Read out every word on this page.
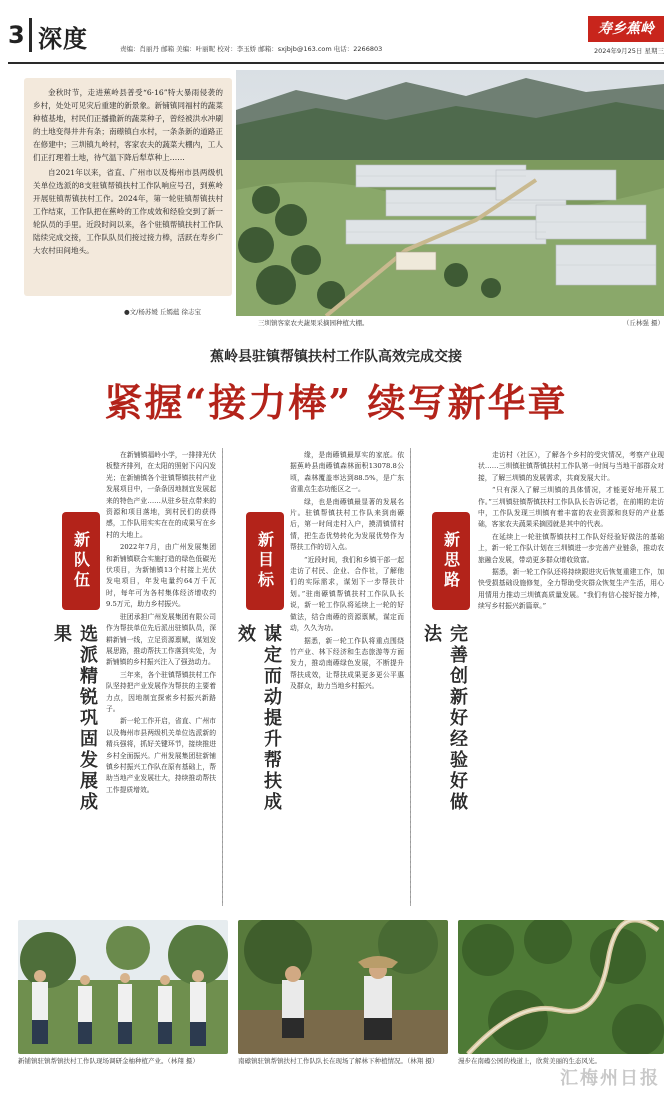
3 深度	责编：肖丽丹 邮箱 美编：叶丽昵 校对：李玉娇 邮箱：sxjbjb@163.com 电话：2266803
寿乡蕉岭
2024年9月25日 星期三

金秋时节，走进蕉岭县普受“6·16”特大暴雨侵袭的乡村，处处可见灾后重建的新景象。新铺镇同福村的蔬菜种植基地，村民们正播撒新的蔬菜种子，曾经被洪水冲刷的土地变得井井有条；南礤镇白水村，一条条新的道路正在修建中；三圳镇九岭村，客家农夫的蔬菜大棚内，工人们正打理着土地，待气温下降后犁草种上……

自2021年以来，省直、广州市以及梅州市县两级机关单位选派的8支驻镇帮镇扶村工作队响应号召，到蕉岭开展驻镇帮镇扶村工作。2024年，第一轮驻镇帮镇扶村工作结束，工作队把在蕉岭的工作成效和经验交到了新一轮队员的手里。近段时间以来，各个驻镇帮镇扶村工作队陆续完成交接，工作队队员们接过接力棒，活跃在寿乡广大农村田间地头。

●文/杨苏媛 丘嫣蕴 徐志宝
三圳镇客家农夫蔬果采摘园种植大棚。	（丘林强 摄）
蕉岭县驻镇帮镇扶村工作队高效完成交接
紧握“接力棒” 续写新华章
新队伍
选派精锐巩固发展成果

在新铺镇福岭小学，一排排光伏板整齐排列，在太阳的照射下闪闪发光；在新铺镇各个驻镇帮镇扶村产业发展项目中，一条条因地制宜发展起来的特色产业……从驻乡驻点带来的资源和项目落地，到村民们的获得感，工作队用实实在在的成果写在乡村的大地上。

2022年7月，由广州发展集团和新铺镇联合实施打造的绿色低碳光伏项目，为新铺镇13个村接上光伏发电项目，年发电量约64万千瓦时，每年可为各村集体经济增收约9.5万元，助力乡村振兴。

驻团承担广州发展集团有限公司作为帮扶单位先后派出驻镇队员，深耕新铺一线，立足资源禀赋，谋划发展思路，推动帮扶工作落到实处，为新铺镇的乡村振兴注入了强劲动力。

三年来，各个驻镇帮镇扶村工作队坚持把产业发展作为帮扶的主要着力点，因地制宜探索乡村振兴新路子。

新一轮工作开启，省直、广州市以及梅州市县两级机关单位选派新的精兵强将，抓好关键环节，接续推进乡村全面振兴。广州发展集团驻新铺镇乡村振兴工作队在原有基础上，帮助当地产业发展壮大，持续推动帮扶工作提质增效。

新目标
谋定而动提升帮扶成效

缘，是南礤镇最厚实的家底。依据蕉岭县南礤镇森林面积13078.8公顷，森林覆盖率达到88.5%，是广东省重点生态功能区之一。

绿，也是南礤镇最显著的发展名片。驻镇帮镇扶村工作队来到南礤后，第一时间走村入户，摸清镇情村情，把生态优势转化为发展优势作为帮扶工作的切入点。

“近段时间，我们和乡镇干部一起走访了村民、企业、合作社，了解他们的实际需求，谋划下一步帮扶计划。”驻南礤镇帮镇扶村工作队队长说，新一轮工作队将延续上一轮的好做法，结合南礤的资源禀赋，谋定而动，久久为功。

据悉，新一轮工作队将重点围绕竹产业、林下经济和生态旅游等方面发力，推动南礤绿色发展，不断提升帮扶成效，让帮扶成果更多更公平惠及群众，助力当地乡村振兴。

新思路
完善创新好经验好做法

走访村（社区），了解各个乡村的受灾情况，考察产业现状……三圳镇驻镇帮镇扶村工作队第一时间与当地干部群众对接，了解三圳镇的发展需求，共商发展大计。

“只有深入了解三圳镇的具体情况，才能更好地开展工作。”三圳镇驻镇帮镇扶村工作队队长告诉记者，在前期的走访中，工作队发现三圳镇有着丰富的农业资源和良好的产业基础，客家农夫蔬果采摘园就是其中的代表。

在延续上一轮驻镇帮镇扶村工作队好经验好做法的基础上，新一轮工作队计划在三圳镇进一步完善产业链条，推动农旅融合发展，带动更多群众增收致富。

据悉，新一轮工作队还将持续跟进灾后恢复重建工作，加快受损基础设施修复，全力帮助受灾群众恢复生产生活，用心用情用力推动三圳镇高质量发展。“我们有信心接好接力棒，续写乡村振兴新篇章。”

新铺镇驻镇帮镇扶村工作队现场调研金柚种植产业。（林翔 摄）	南礤镇驻镇帮镇扶村工作队队长在现场了解林下种植情况。（林翔 摄）	漫步在南礤公园的栈道上，欣赏美丽的生态风光。
汇梅州日报
